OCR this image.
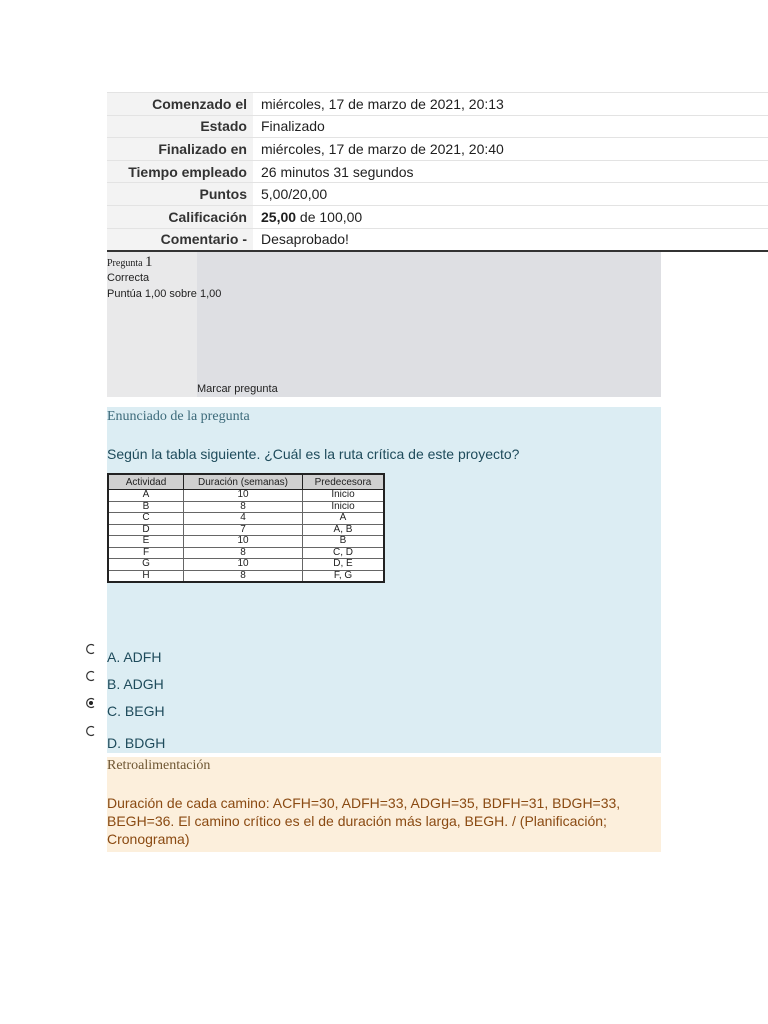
Comenzado el	miércoles, 17 de marzo de 2021, 20:13
Estado	Finalizado
Finalizado en	miércoles, 17 de marzo de 2021, 20:40
Tiempo empleado	26 minutos 31 segundos
Puntos	5,00/20,00
Calificación	25,00 de 100,00
Comentario -	Desaprobado!
Pregunta 1
Correcta
Puntúa 1,00 sobre 1,00
Marcar pregunta
Enunciado de la pregunta
Según la tabla siguiente. ¿Cuál es la ruta crítica de este proyecto?
Actividad	Duración (semanas)	Predecesora
A	10	Inicio
B	8	Inicio
C	4	A
D	7	A, B
E	10	B
F	8	C, D
G	10	D, E
H	8	F, G
A. ADFH
B. ADGH
C. BEGH
D. BDGH
Retroalimentación
Duración de cada camino: ACFH=30, ADFH=33, ADGH=35, BDFH=31, BDGH=33, BEGH=36. El camino crítico es el de duración más larga, BEGH. / (Planificación; Cronograma)
